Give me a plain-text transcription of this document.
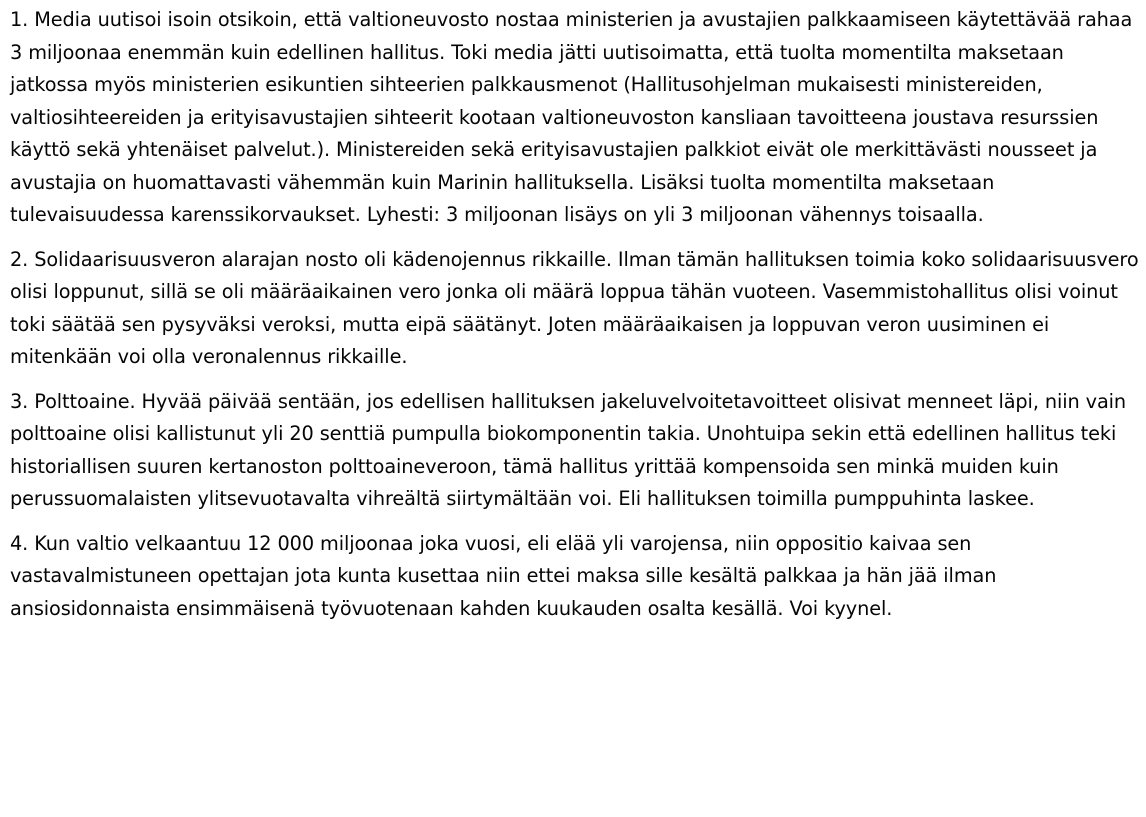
1. Media uutisoi isoin otsikoin, että valtioneuvosto nostaa ministerien ja avustajien palkkaamiseen käytettävää rahaa 3 miljoonaa enemmän kuin edellinen hallitus. Toki media jätti uutisoimatta, että tuolta momentilta maksetaan jatkossa myös ministerien esikuntien sihteerien palkkausmenot (Hallitusohjelman mukaisesti ministereiden, valtiosihteereiden ja erityisavustajien sihteerit kootaan valtioneuvoston kansliaan tavoitteena joustava resurssien käyttö sekä yhtenäiset palvelut.). Ministereiden sekä erityisavustajien palkkiot eivät ole merkittävästi nousseet ja avustajia on huomattavasti vähemmän kuin Marinin hallituksella. Lisäksi tuolta momentilta maksetaan tulevaisuudessa karenssikorvaukset. Lyhesti: 3 miljoonan lisäys on yli 3 miljoonan vähennys toisaalla.

2. Solidaarisuusveron alarajan nosto oli kädenojennus rikkaille. Ilman tämän hallituksen toimia koko solidaarisuusvero olisi loppunut, sillä se oli määräaikainen vero jonka oli määrä loppua tähän vuoteen. Vasemmistohallitus olisi voinut toki säätää sen pysyväksi veroksi, mutta eipä säätänyt. Joten määräaikaisen ja loppuvan veron uusiminen ei mitenkään voi olla veronalennus rikkaille.

3. Polttoaine. Hyvää päivää sentään, jos edellisen hallituksen jakeluvelvoitetavoitteet olisivat menneet läpi, niin vain polttoaine olisi kallistunut yli 20 senttiä pumpulla biokomponentin takia. Unohtuipa sekin että edellinen hallitus teki historiallisen suuren kertanoston polttoaineveroon, tämä hallitus yrittää kompensoida sen minkä muiden kuin perussuomalaisten ylitsevuotavalta vihreältä siirtymältään voi. Eli hallituksen toimilla pumppuhinta laskee.

4. Kun valtio velkaantuu 12 000 miljoonaa joka vuosi, eli elää yli varojensa, niin oppositio kaivaa sen vastavalmistuneen opettajan jota kunta kusettaa niin ettei maksa sille kesältä palkkaa ja hän jää ilman ansiosidonnaista ensimmäisenä työvuotenaan kahden kuukauden osalta kesällä. Voi kyynel.
